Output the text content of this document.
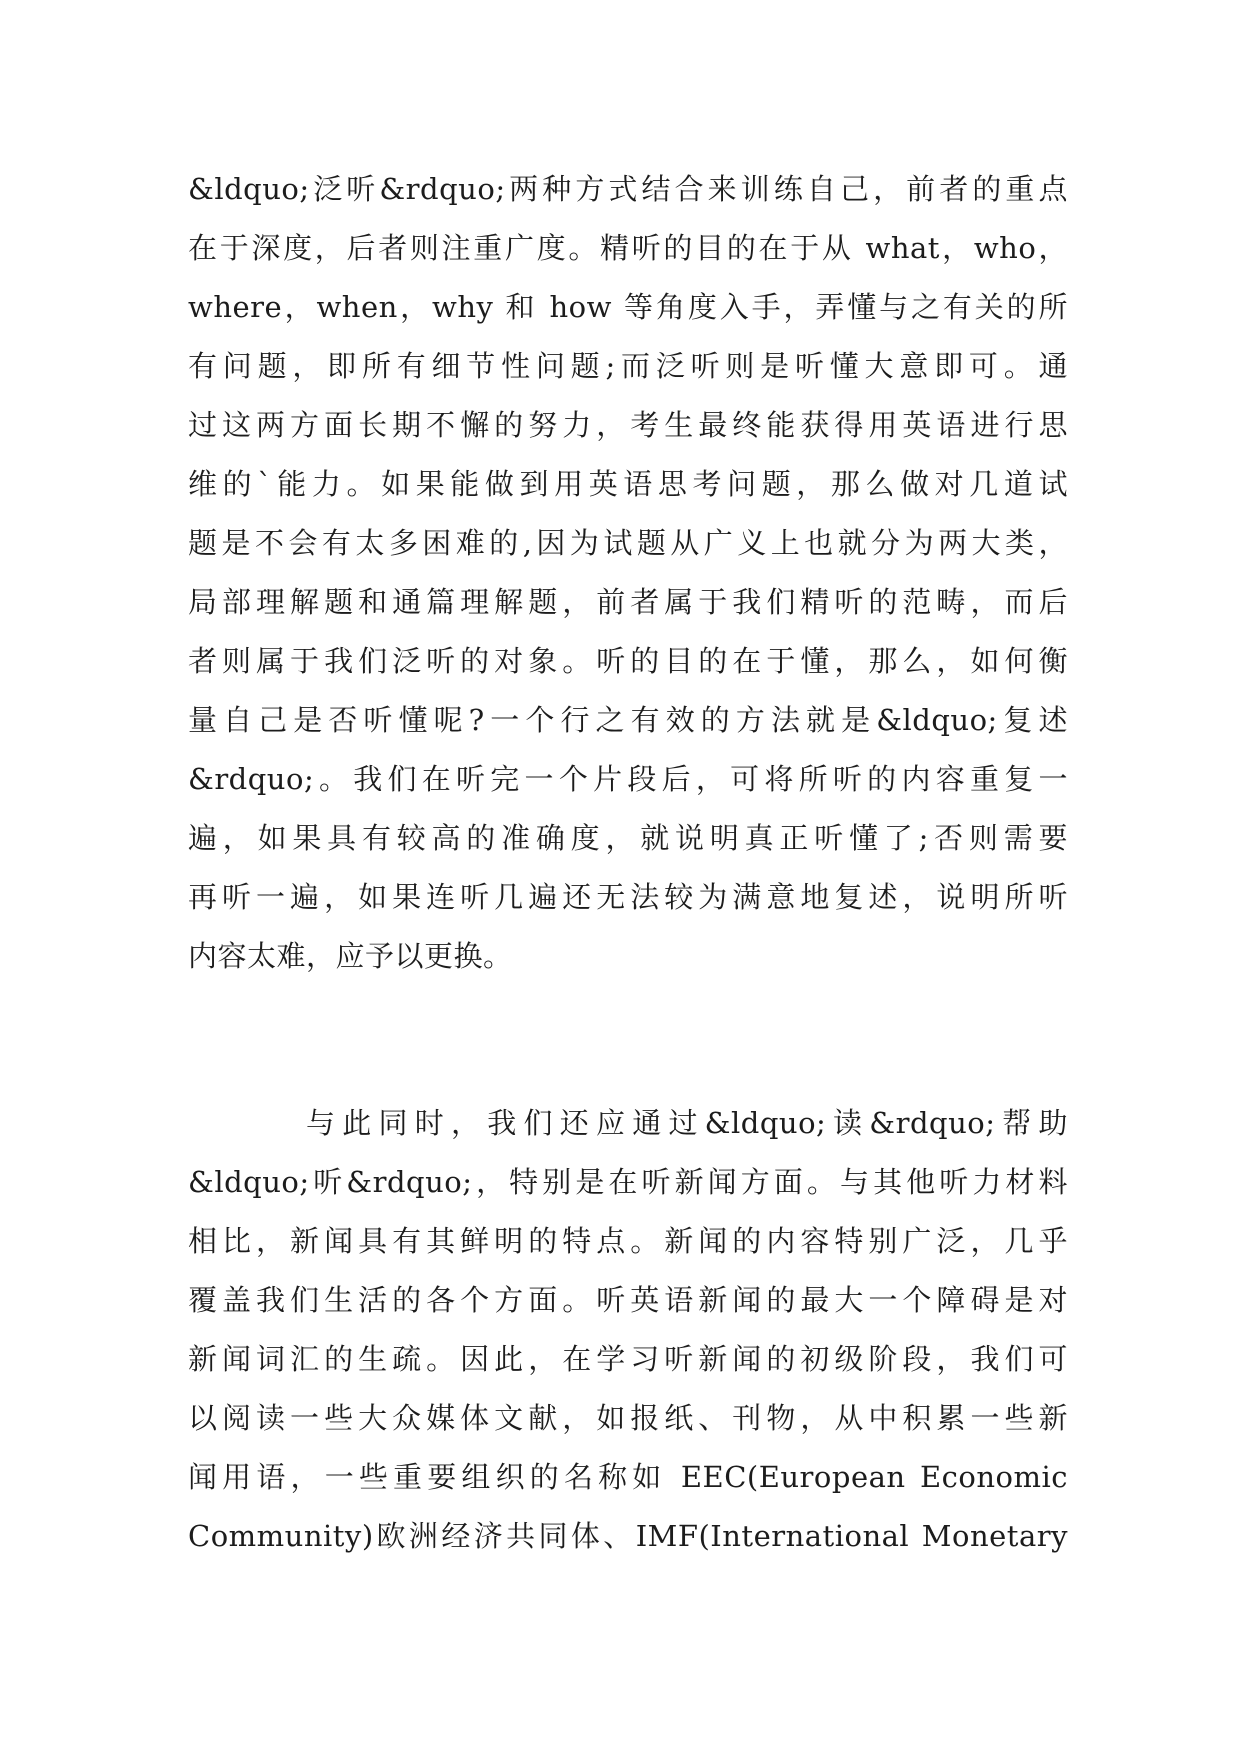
&ldquo;泛听&rdquo;两种方式结合来训练自己，前者的重点
在于深度，后者则注重广度。精听的目的在于从 what，who，
where，when，why 和 how 等角度入手，弄懂与之有关的所
有问题，即所有细节性问题;而泛听则是听懂大意即可。通
过这两方面长期不懈的努力，考生最终能获得用英语进行思
维的`能力。如果能做到用英语思考问题，那么做对几道试
题是不会有太多困难的,因为试题从广义上也就分为两大类，
局部理解题和通篇理解题，前者属于我们精听的范畴，而后
者则属于我们泛听的对象。听的目的在于懂，那么，如何衡
量自己是否听懂呢?一个行之有效的方法就是&ldquo;复述
&rdquo;。我们在听完一个片段后，可将所听的内容重复一
遍，如果具有较高的准确度，就说明真正听懂了;否则需要
再听一遍，如果连听几遍还无法较为满意地复述，说明所听
内容太难，应予以更换。
与此同时，我们还应通过&ldquo;读&rdquo;帮助
&ldquo;听&rdquo;，特别是在听新闻方面。与其他听力材料
相比，新闻具有其鲜明的特点。新闻的内容特别广泛，几乎
覆盖我们生活的各个方面。听英语新闻的最大一个障碍是对
新闻词汇的生疏。因此，在学习听新闻的初级阶段，我们可
以阅读一些大众媒体文献，如报纸、刊物，从中积累一些新
闻用语，一些重要组织的名称如 EEC(European Economic
Community)欧洲经济共同体、IMF(International Monetary
